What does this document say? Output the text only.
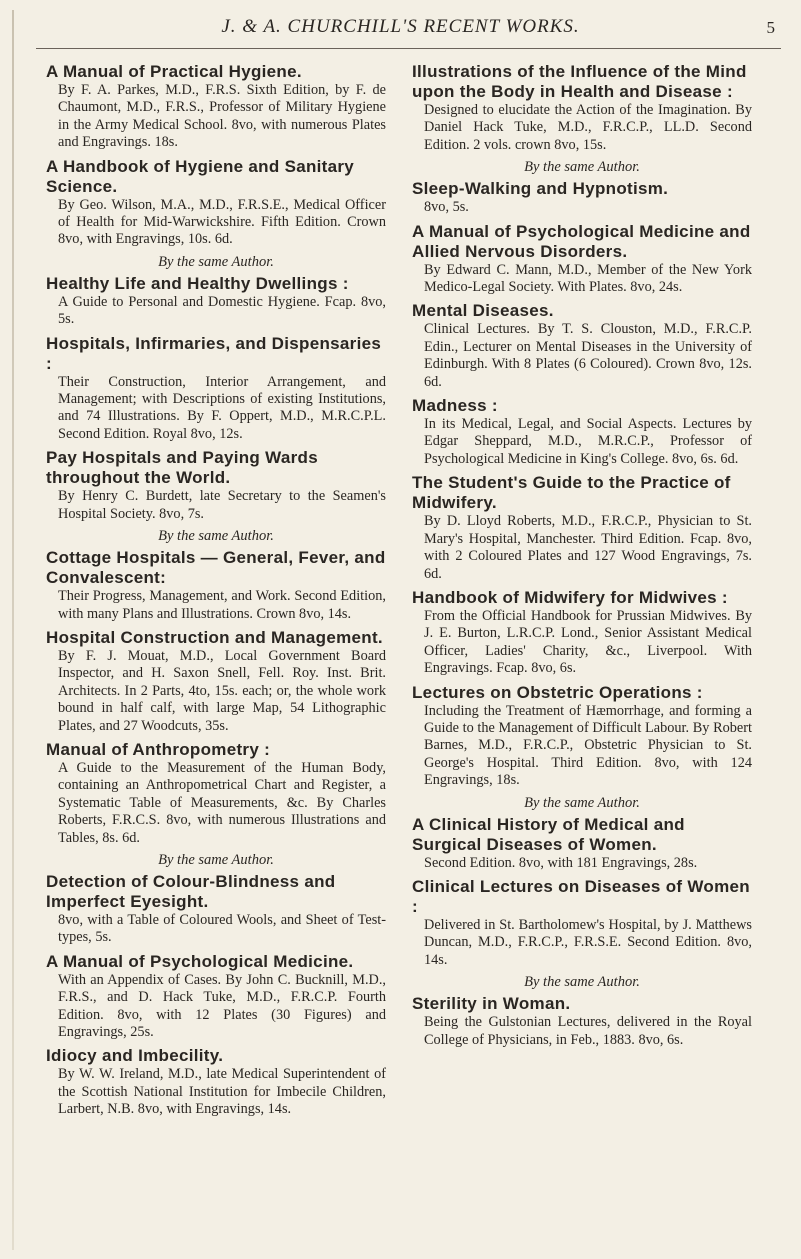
J. & A. CHURCHILL'S RECENT WORKS.	5
A Manual of Practical Hygiene.
By F. A. Parkes, M.D., F.R.S. Sixth Edition, by F. de Chaumont, M.D., F.R.S., Professor of Military Hygiene in the Army Medical School. 8vo, with numerous Plates and Engravings. 18s.
A Handbook of Hygiene and Sanitary Science.
By Geo. Wilson, M.A., M.D., F.R.S.E., Medical Officer of Health for Mid-Warwickshire. Fifth Edition. Crown 8vo, with Engravings, 10s. 6d.
By the same Author.
Healthy Life and Healthy Dwellings :
A Guide to Personal and Domestic Hygiene. Fcap. 8vo, 5s.
Hospitals, Infirmaries, and Dispensaries :
Their Construction, Interior Arrangement, and Management; with Descriptions of existing Institutions, and 74 Illustrations. By F. Oppert, M.D., M.R.C.P.L. Second Edition. Royal 8vo, 12s.
Pay Hospitals and Paying Wards throughout the World.
By Henry C. Burdett, late Secretary to the Seamen's Hospital Society. 8vo, 7s.
By the same Author.
Cottage Hospitals — General, Fever, and Convalescent:
Their Progress, Management, and Work. Second Edition, with many Plans and Illustrations. Crown 8vo, 14s.
Hospital Construction and Management.
By F. J. Mouat, M.D., Local Government Board Inspector, and H. Saxon Snell, Fell. Roy. Inst. Brit. Architects. In 2 Parts, 4to, 15s. each; or, the whole work bound in half calf, with large Map, 54 Lithographic Plates, and 27 Woodcuts, 35s.
Manual of Anthropometry :
A Guide to the Measurement of the Human Body, containing an Anthropometrical Chart and Register, a Systematic Table of Measurements, &c. By Charles Roberts, F.R.C.S. 8vo, with numerous Illustrations and Tables, 8s. 6d.
By the same Author.
Detection of Colour-Blindness and Imperfect Eyesight.
8vo, with a Table of Coloured Wools, and Sheet of Test-types, 5s.
A Manual of Psychological Medicine.
With an Appendix of Cases. By John C. Bucknill, M.D., F.R.S., and D. Hack Tuke, M.D., F.R.C.P. Fourth Edition. 8vo, with 12 Plates (30 Figures) and Engravings, 25s.
Idiocy and Imbecility.
By W. W. Ireland, M.D., late Medical Superintendent of the Scottish National Institution for Imbecile Children, Larbert, N.B. 8vo, with Engravings, 14s.
Illustrations of the Influence of the Mind upon the Body in Health and Disease :
Designed to elucidate the Action of the Imagination. By Daniel Hack Tuke, M.D., F.R.C.P., LL.D. Second Edition. 2 vols. crown 8vo, 15s.
By the same Author.
Sleep-Walking and Hypnotism.
8vo, 5s.
A Manual of Psychological Medicine and Allied Nervous Disorders.
By Edward C. Mann, M.D., Member of the New York Medico-Legal Society. With Plates. 8vo, 24s.
Mental Diseases.
Clinical Lectures. By T. S. Clouston, M.D., F.R.C.P. Edin., Lecturer on Mental Diseases in the University of Edinburgh. With 8 Plates (6 Coloured). Crown 8vo, 12s. 6d.
Madness :
In its Medical, Legal, and Social Aspects. Lectures by Edgar Sheppard, M.D., M.R.C.P., Professor of Psychological Medicine in King's College. 8vo, 6s. 6d.
The Student's Guide to the Practice of Midwifery.
By D. Lloyd Roberts, M.D., F.R.C.P., Physician to St. Mary's Hospital, Manchester. Third Edition. Fcap. 8vo, with 2 Coloured Plates and 127 Wood Engravings, 7s. 6d.
Handbook of Midwifery for Midwives :
From the Official Handbook for Prussian Midwives. By J. E. Burton, L.R.C.P. Lond., Senior Assistant Medical Officer, Ladies' Charity, &c., Liverpool. With Engravings. Fcap. 8vo, 6s.
Lectures on Obstetric Operations :
Including the Treatment of Hæmorrhage, and forming a Guide to the Management of Difficult Labour. By Robert Barnes, M.D., F.R.C.P., Obstetric Physician to St. George's Hospital. Third Edition. 8vo, with 124 Engravings, 18s.
By the same Author.
A Clinical History of Medical and Surgical Diseases of Women.
Second Edition. 8vo, with 181 Engravings, 28s.
Clinical Lectures on Diseases of Women :
Delivered in St. Bartholomew's Hospital, by J. Matthews Duncan, M.D., F.R.C.P., F.R.S.E. Second Edition. 8vo, 14s.
By the same Author.
Sterility in Woman.
Being the Gulstonian Lectures, delivered in the Royal College of Physicians, in Feb., 1883. 8vo, 6s.
